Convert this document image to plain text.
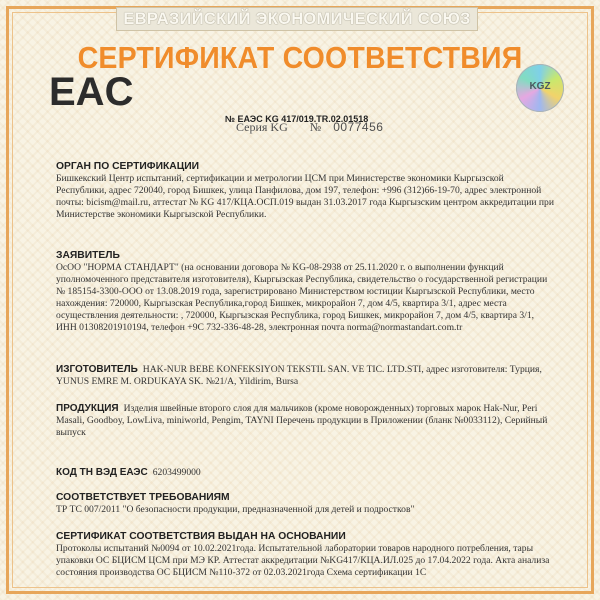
ЕВРАЗИЙСКИЙ ЭКОНОМИЧЕСКИЙ СОЮЗ
СЕРТИФИКАТ СООТВЕТСТВИЯ
EAC	KGZ
№ ЕАЭС KG 417/019.TR.02.01518
Серия KG № 0077456
ОРГАН ПО СЕРТИФИКАЦИИ
Бишкекский Центр испытаний, сертификации и метрологии ЦСМ при Министерстве экономики Кыргызской Республики, адрес 720040, город Бишкек, улица Панфилова, дом 197, телефон: +996 (312)66-19-70, адрес электронной почты: bicism@mail.ru, аттестат № KG 417/КЦА.ОСП.019 выдан 31.03.2017 года Кыргызским центром аккредитации при Министерстве экономики Кыргызской Республики.
ЗАЯВИТЕЛЬ
ОсОО "НОРМА СТАНДАРТ" (на основании договора № KG-08-2938 от 25.11.2020 г. о выполнении функций уполномоченного представителя изготовителя), Кыргызская Республика, свидетельство о государственной регистрации № 185154-3300-ООО от 13.08.2019 года, зарегистрировано Министерством юстиции Кыргызской Республики, место нахождения: 720000, Кыргызская Республика,город Бишкек, микрорайон 7, дом 4/5, квартира 3/1, адрес места осуществления деятельности: , 720000, Кыргызская Республика, город Бишкек, микрорайон 7, дом 4/5, квартира 3/1, ИНН 01308201910194, телефон +9С 732-336-48-28, электронная почта norma@normastandart.com.tr
ИЗГОТОВИТЕЛЬ HAK-NUR BEBE KONFEKSIYON TEKSTIL SAN. VE TIC. LTD.STI, адрес изготовителя: Турция, YUNUS EMRE M. ORDUKAYA SK. №21/A, Yildirim, Bursa
ПРОДУКЦИЯ Изделия швейные второго слоя для мальчиков (кроме новорожденных) торговых марок Hak-Nur, Peri Masali, Goodboy, LowLiva, miniworld, Pengim, TAYNI Перечень продукции в Приложении (бланк №0033112), Серийный выпуск
КОД ТН ВЭД ЕАЭС 6203499000
СООТВЕТСТВУЕТ ТРЕБОВАНИЯМ
ТР ТС 007/2011 "О безопасности продукции, предназначенной для детей и подростков"
СЕРТИФИКАТ СООТВЕТСТВИЯ ВЫДАН НА ОСНОВАНИИ
Протоколы испытаний №0094 от 10.02.2021года. Испытательной лаборатории товаров народного потребления, тары упаковки ОС БЦИСМ ЦСМ при МЭ КР. Аттестат аккредитации №KG417/КЦА.ИЛ.025 до 17.04.2022 года. Акта анализа состояния производства ОС БЦИСМ №110-372 от 02.03.2021года Схема сертификации 1С
